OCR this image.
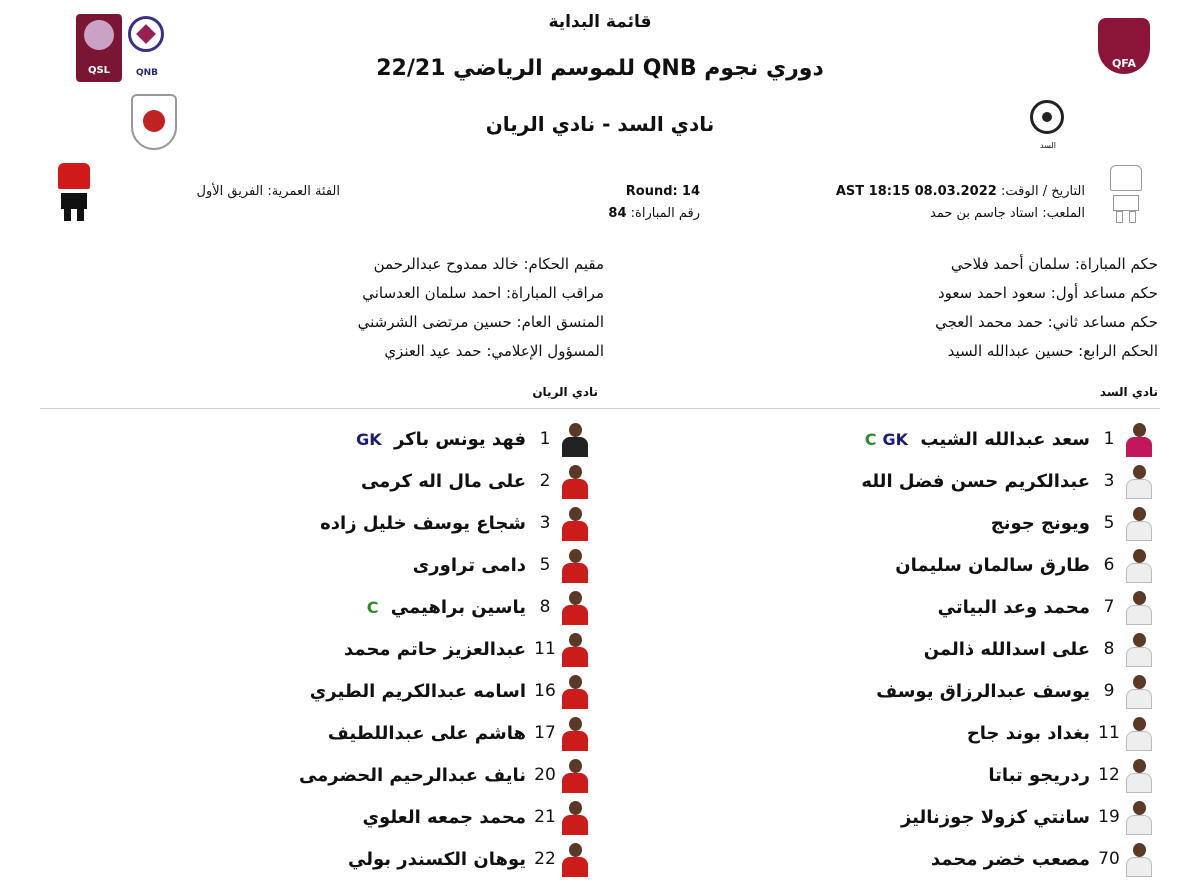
قائمة البداية
دوري نجوم QNB للموسم الرياضي 22/21
نادي السد - نادي الريان
QSL	QNB
QFA
السد
التاريخ / الوقت: AST 18:15 08.03.2022
الملعب: استاد جاسم بن حمد
Round: 14
رقم المباراة: 84
الفئة العمرية: الفريق الأول
حكم المباراة: سلمان أحمد فلاحي
حكم مساعد أول: سعود احمد سعود
حكم مساعد ثاني: حمد محمد العجي
الحكم الرابع: حسين عبدالله السيد
مقيم الحكام: خالد ممدوح عبدالرحمن
مراقب المباراة: احمد سلمان العدساني
المنسق العام: حسين مرتضى الشرشني
المسؤول الإعلامي: حمد عيد العنزي
نادي السد
نادي الريان
1
سعد عبدالله الشيب C GK
3
عبدالكريم حسن فضل الله
5
ويونج جونج
6
طارق سالمان سليمان
7
محمد وعد البياتي
8
على اسدالله ذالمن
9
يوسف عبدالرزاق يوسف
11
بغداد بوند جاح
12
ردريجو تباتا
19
سانتي كزولا جوزناليز
70
مصعب خضر محمد
1
فهد يونس باكر GK
2
على مال اله كرمى
3
شجاع يوسف خليل زاده
5
دامى تراورى
8
ياسين براهيمي C
11
عبدالعزيز حاتم محمد
16
اسامه عبدالكريم الطيري
17
هاشم على عبداللطيف
20
نايف عبدالرحيم الحضرمى
21
محمد جمعه العلوي
22
يوهان الكسندر بولي
